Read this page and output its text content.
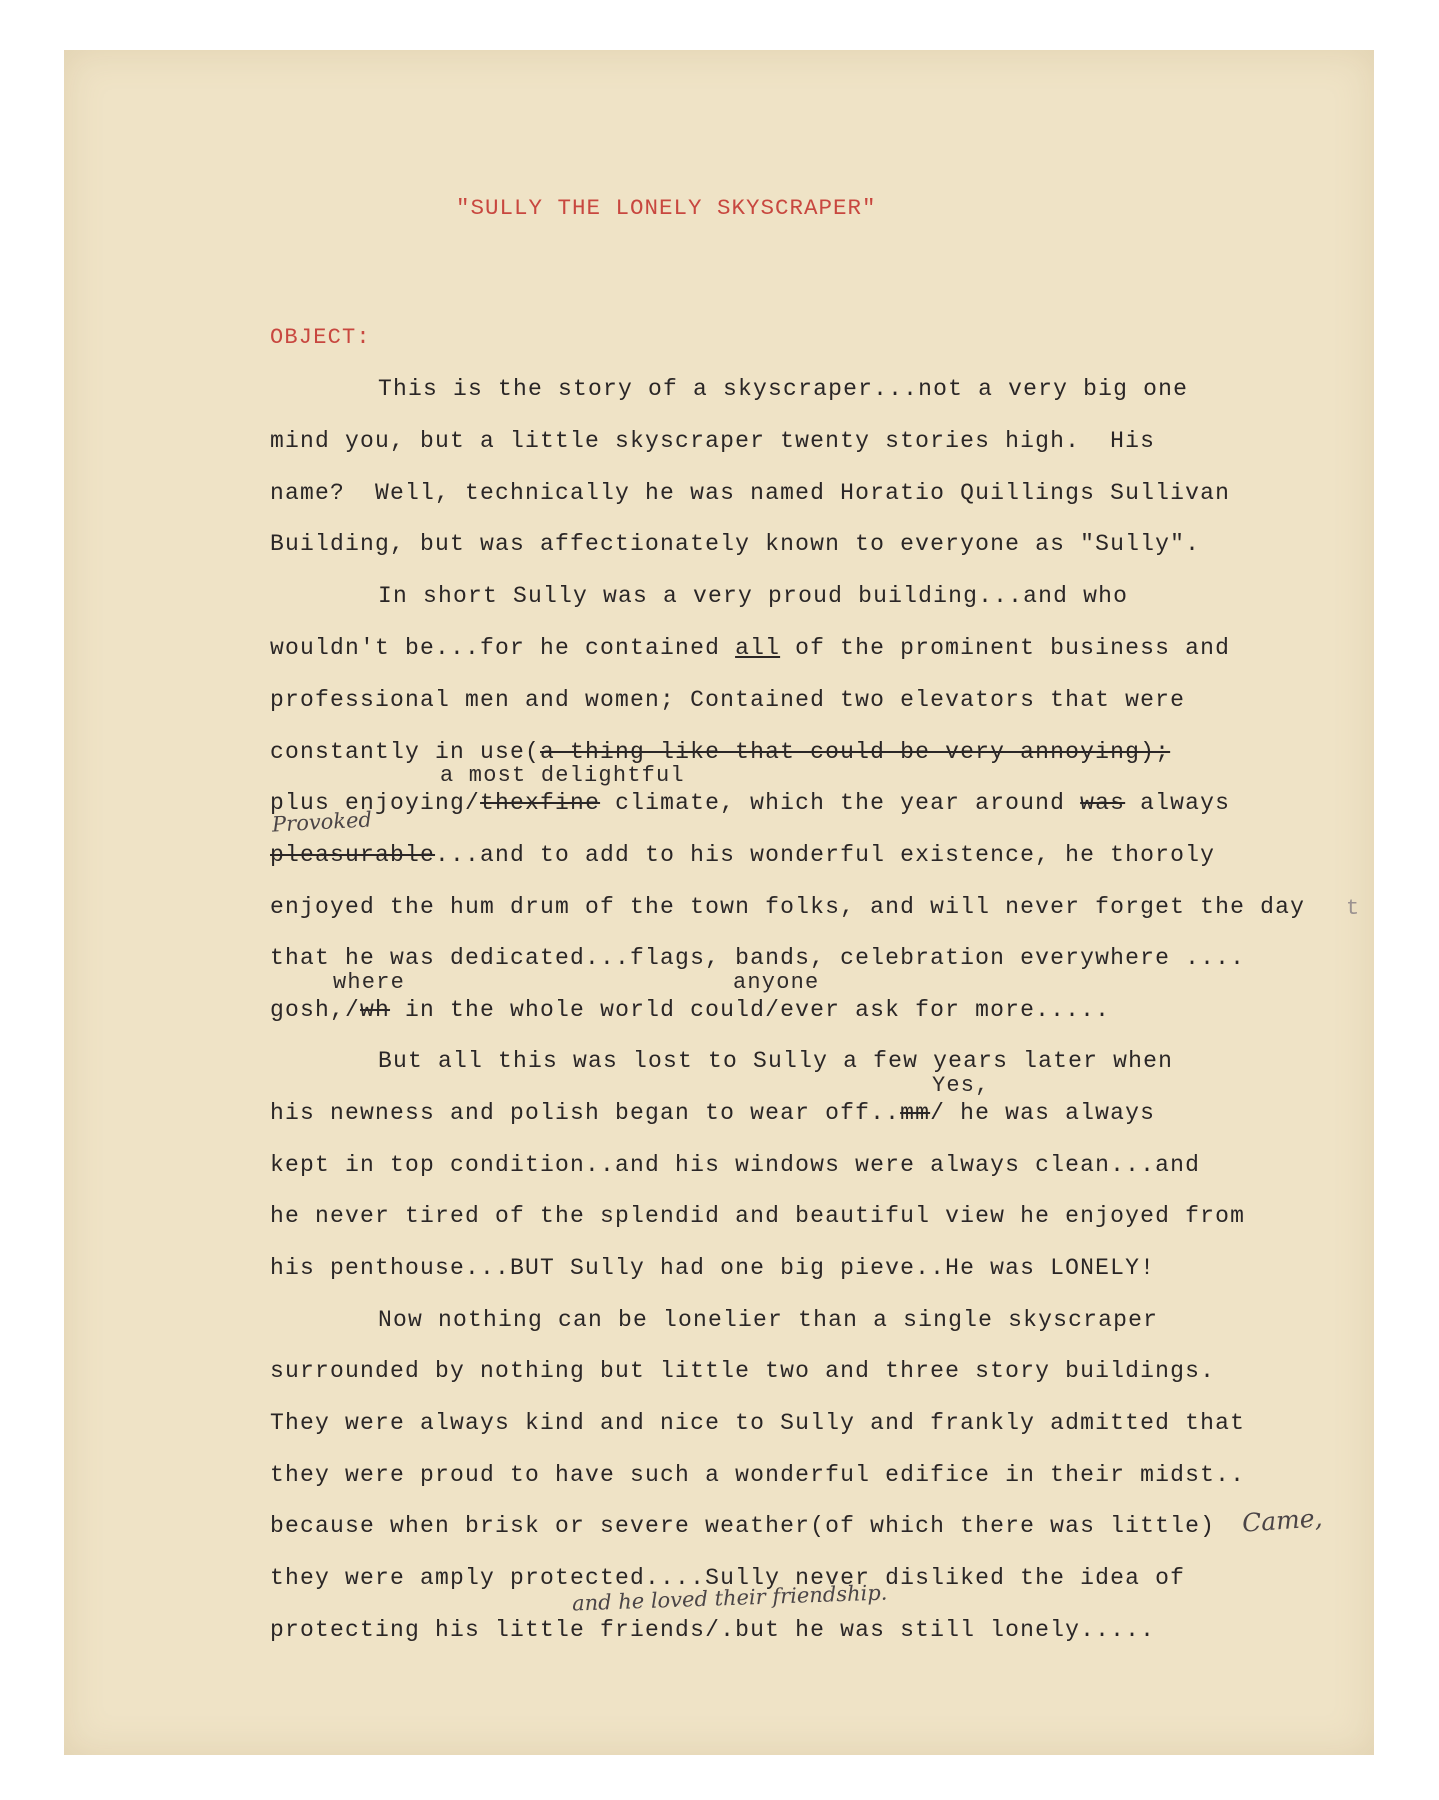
"SULLY THE LONELY SKYSCRAPER"
OBJECT:
This is the story of a skyscraper...not a very big one
mind you, but a little skyscraper twenty stories high.  His
name?  Well, technically he was named Horatio Quillings Sullivan
Building, but was affectionately known to everyone as "Sully".
In short Sully was a very proud building...and who
wouldn't be...for he contained all of the prominent business and
professional men and women; Contained two elevators that were
constantly in use(a thing like that could be very annoying);
a most delightful
plus enjoying/thexfine climate, which the year around was always
Provoked
pleasurable...and to add to his wonderful existence, he thoroly
enjoyed the hum drum of the town folks, and will never forget the day t
that he was dedicated...flags, bands, celebration everywhere ....
where	anyone
gosh,/wh in the whole world could/ever ask for more.....
But all this was lost to Sully a few years later when
Yes,
his newness and polish began to wear off..mm/ he was always
kept in top condition..and his windows were always clean...and
he never tired of the splendid and beautiful view he enjoyed from
his penthouse...BUT Sully had one big pieve..He was LONELY!
Now nothing can be lonelier than a single skyscraper
surrounded by nothing but little two and three story buildings.
They were always kind and nice to Sully and frankly admitted that
they were proud to have such a wonderful edifice in their midst..
because when brisk or severe weather(of which there was little) Came,
they were amply protected....Sully never disliked the idea of
and he loved their friendship.
protecting his little friends/.but he was still lonely.....
